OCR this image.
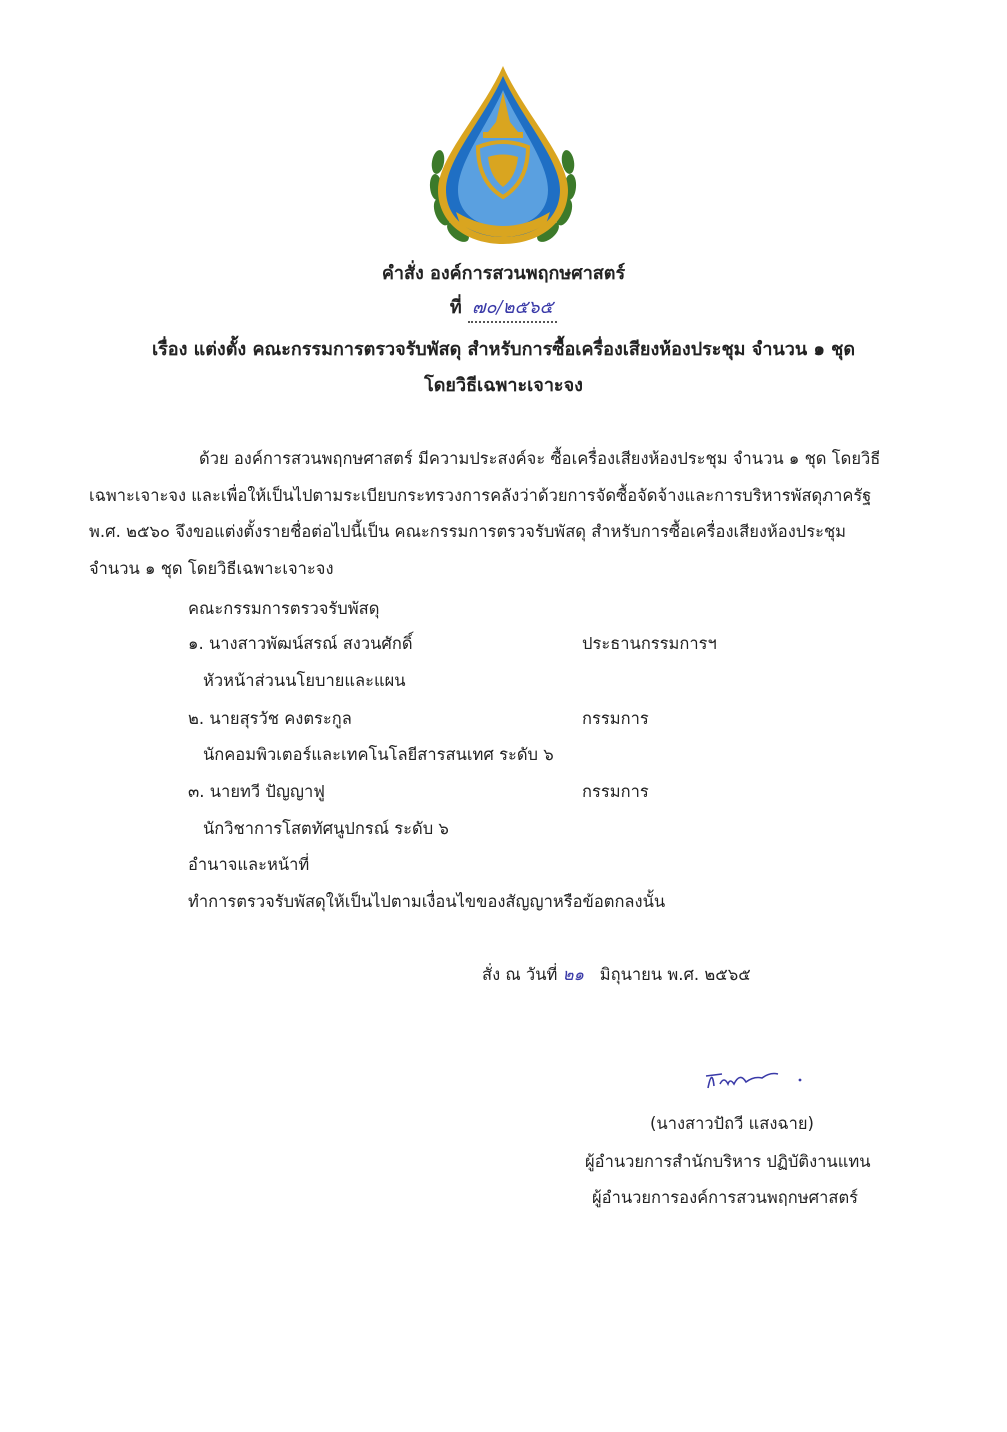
คำสั่ง องค์การสวนพฤกษศาสตร์
ที่ ๗๐/๒๕๖๕
เรื่อง แต่งตั้ง คณะกรรมการตรวจรับพัสดุ สำหรับการซื้อเครื่องเสียงห้องประชุม จำนวน ๑ ชุด
โดยวิธีเฉพาะเจาะจง

ด้วย องค์การสวนพฤกษศาสตร์ มีความประสงค์จะ ซื้อเครื่องเสียงห้องประชุม จำนวน ๑ ชุด โดยวิธี

เฉพาะเจาะจง และเพื่อให้เป็นไปตามระเบียบกระทรวงการคลังว่าด้วยการจัดซื้อจัดจ้างและการบริหารพัสดุภาครัฐ

พ.ศ. ๒๕๖๐ จึงขอแต่งตั้งรายชื่อต่อไปนี้เป็น คณะกรรมการตรวจรับพัสดุ สำหรับการซื้อเครื่องเสียงห้องประชุม

จำนวน ๑ ชุด โดยวิธีเฉพาะเจาะจง

คณะกรรมการตรวจรับพัสดุ
๑. นางสาวพัฒน์สรณ์ สงวนศักดิ์	ประธานกรรมการฯ
หัวหน้าส่วนนโยบายและแผน
๒. นายสุรวัช คงตระกูล	กรรมการ
นักคอมพิวเตอร์และเทคโนโลยีสารสนเทศ ระดับ ๖
๓. นายทวี ปัญญาฟู	กรรมการ
นักวิชาการโสตทัศนูปกรณ์ ระดับ ๖
อำนาจและหน้าที่
ทำการตรวจรับพัสดุให้เป็นไปตามเงื่อนไขของสัญญาหรือข้อตกลงนั้น
สั่ง ณ วันที่ ๒๑ มิถุนายน พ.ศ. ๒๕๖๕
(นางสาวปัถวี แสงฉาย)
ผู้อำนวยการสำนักบริหาร ปฏิบัติงานแทน
ผู้อำนวยการองค์การสวนพฤกษศาสตร์
